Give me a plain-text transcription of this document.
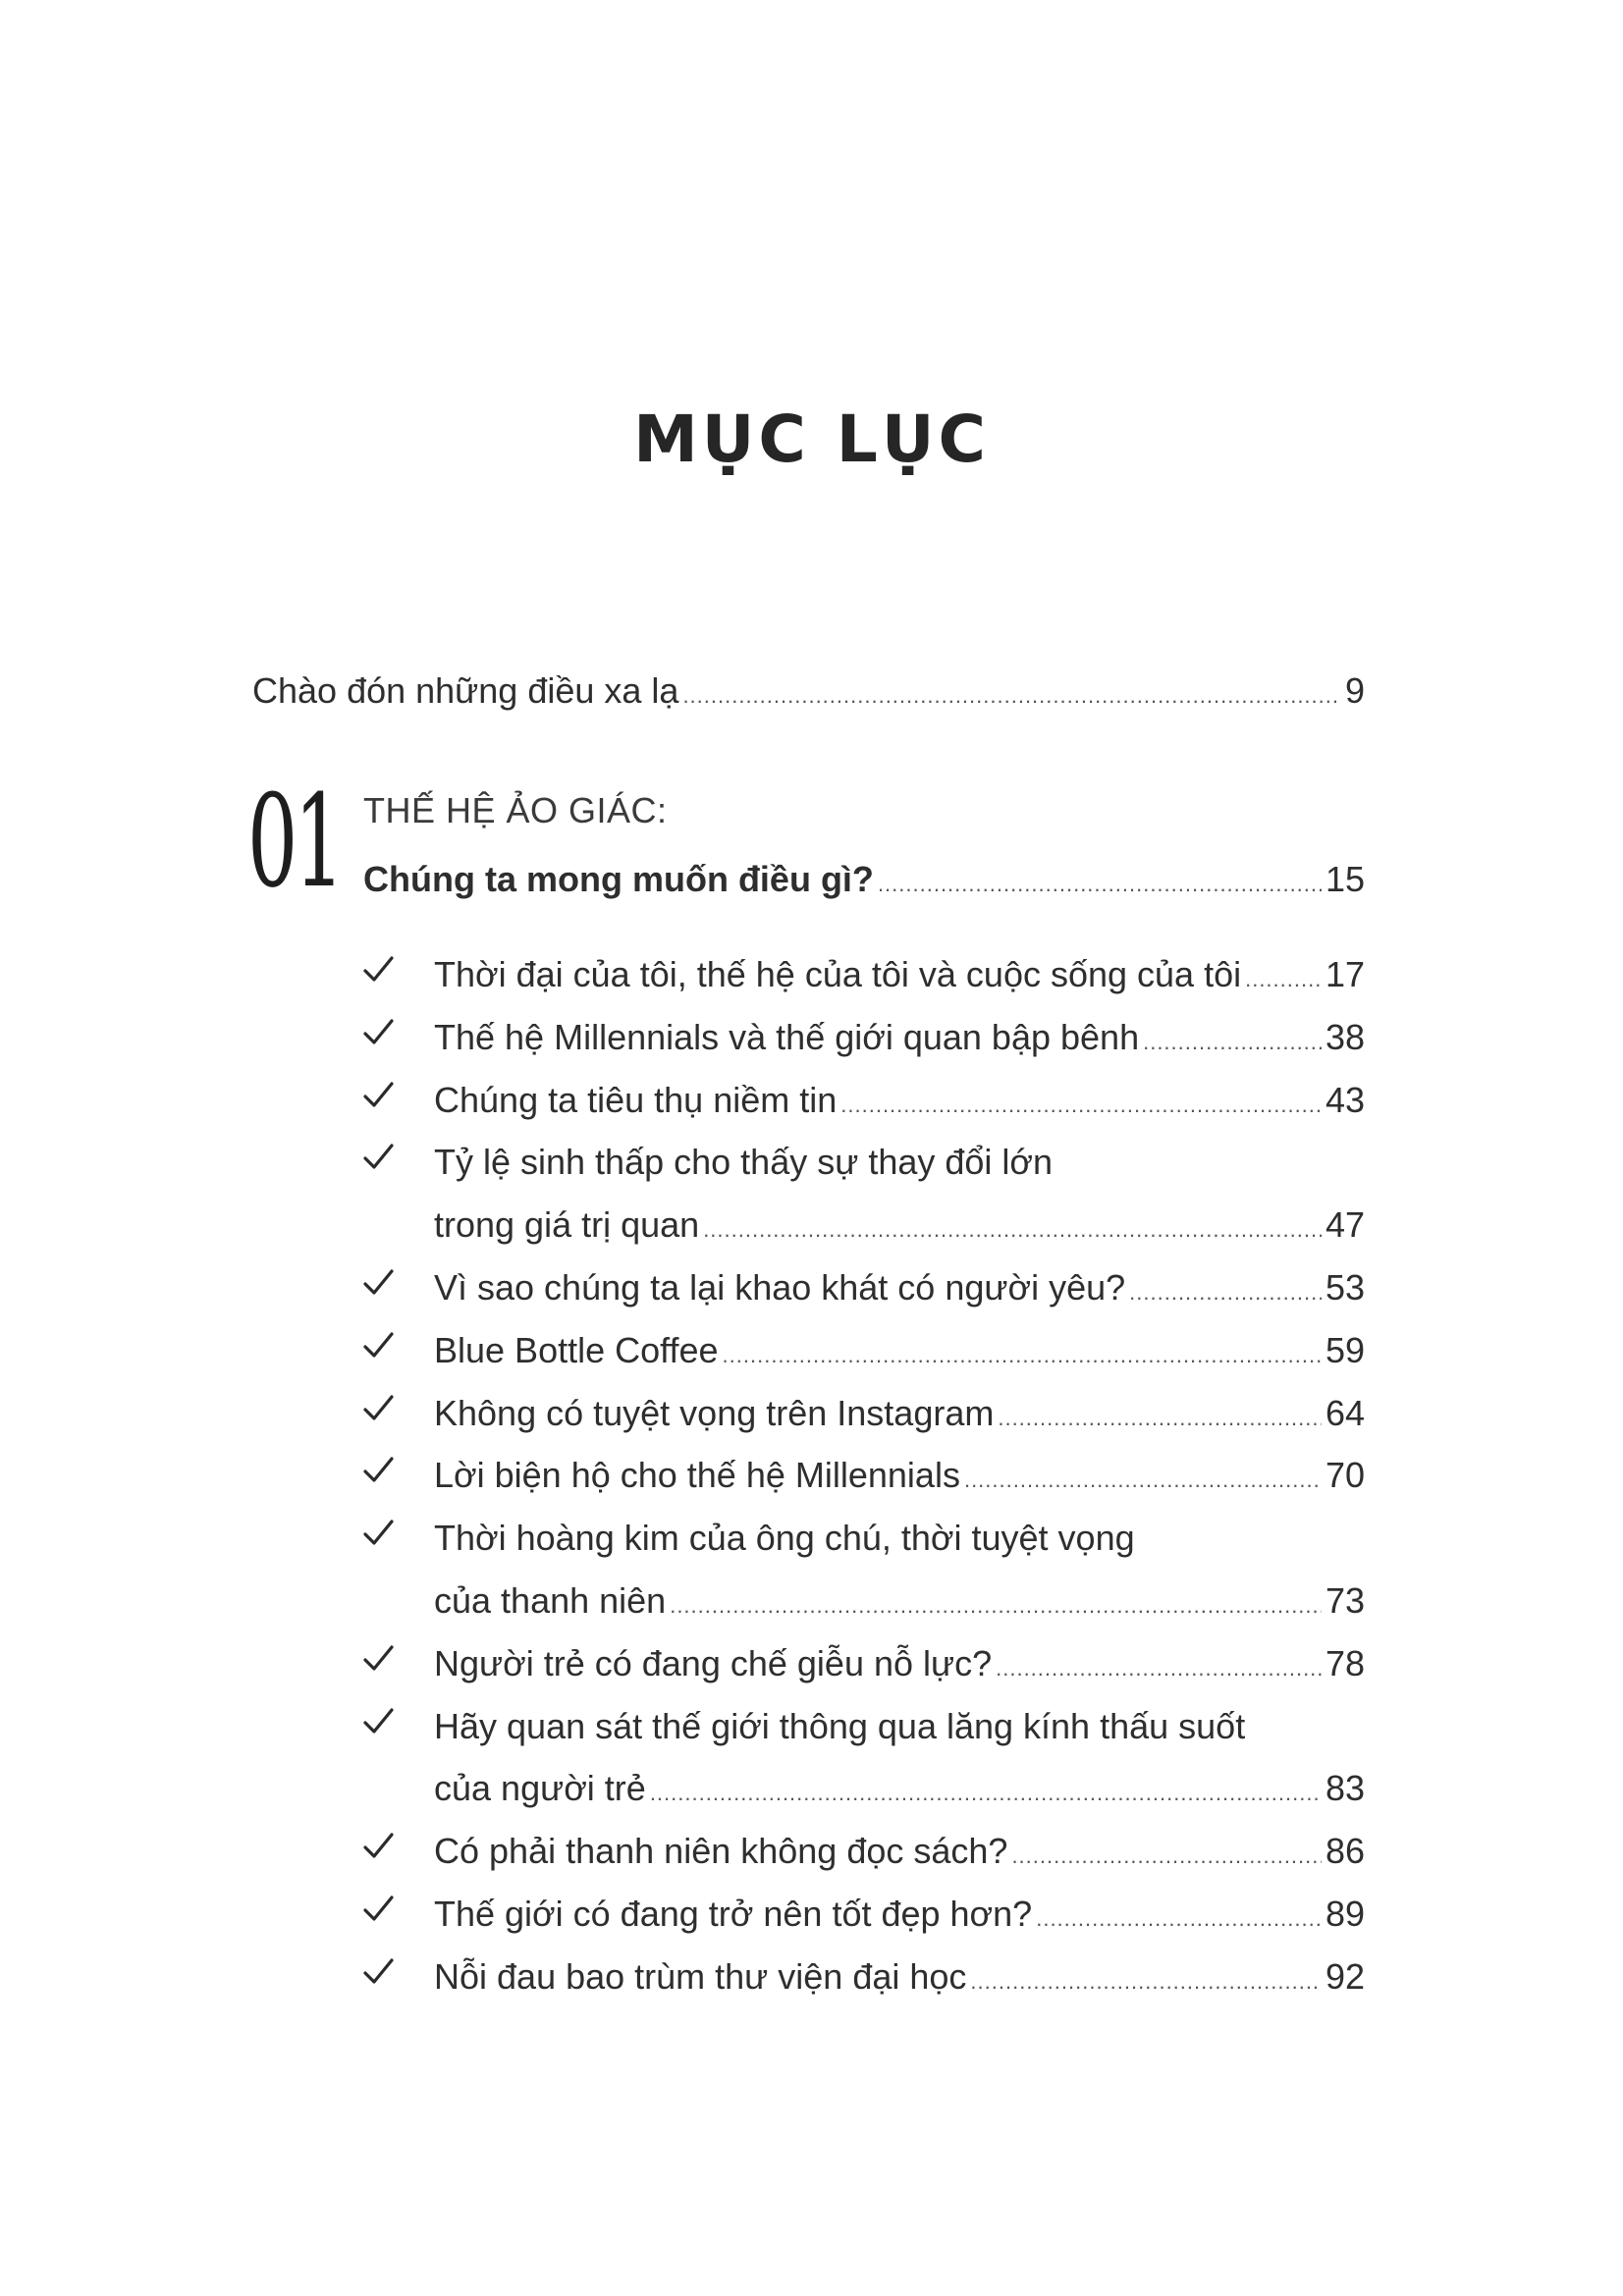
MỤC LỤC
Chào đón những điều xa lạ .....	9
01 THẾ HỆ ẢO GIÁC:
Chúng ta mong muốn điều gì? .....	15
Thời đại của tôi, thế hệ của tôi và cuộc sống của tôi ..... 17
Thế hệ Millennials và thế giới quan bập bênh .....	38
Chúng ta tiêu thụ niềm tin .....	43
Tỷ lệ sinh thấp cho thấy sự thay đổi lớn
trong giá trị quan .....	47
Vì sao chúng ta lại khao khát có người yêu? .....	53
Blue Bottle Coffee .....	59
Không có tuyệt vọng trên Instagram .....	64
Lời biện hộ cho thế hệ Millennials .....	70
Thời hoàng kim của ông chú, thời tuyệt vọng
của thanh niên .....	73
Người trẻ có đang chế giễu nỗ lực? .....	78
Hãy quan sát thế giới thông qua lăng kính thấu suốt
của người trẻ .....	83
Có phải thanh niên không đọc sách? .....	86
Thế giới có đang trở nên tốt đẹp hơn? .....	89
Nỗi đau bao trùm thư viện đại học .....	92
